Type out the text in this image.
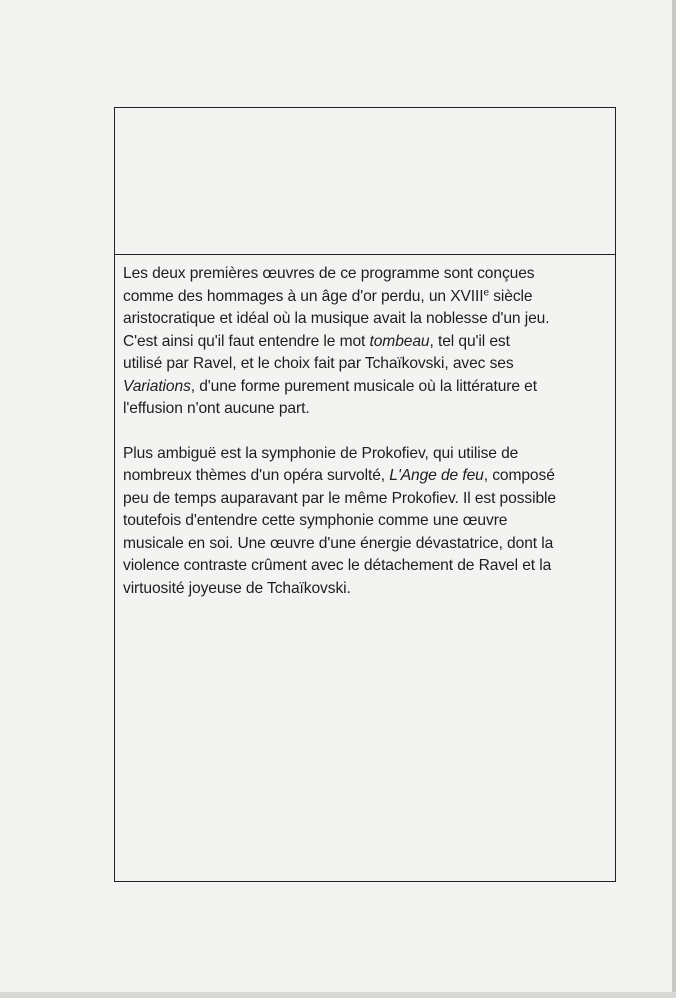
Les deux premières œuvres de ce programme sont conçues
comme des hommages à un âge d'or perdu, un XVIIIe siècle
aristocratique et idéal où la musique avait la noblesse d'un jeu.
C'est ainsi qu'il faut entendre le mot tombeau, tel qu'il est
utilisé par Ravel, et le choix fait par Tchaïkovski, avec ses
Variations, d'une forme purement musicale où la littérature et
l'effusion n'ont aucune part.

Plus ambiguë est la symphonie de Prokofiev, qui utilise de
nombreux thèmes d'un opéra survolté, L'Ange de feu, composé
peu de temps auparavant par le même Prokofiev. Il est possible
toutefois d'entendre cette symphonie comme une œuvre
musicale en soi. Une œuvre d'une énergie dévastatrice, dont la
violence contraste crûment avec le détachement de Ravel et la
virtuosité joyeuse de Tchaïkovski.
